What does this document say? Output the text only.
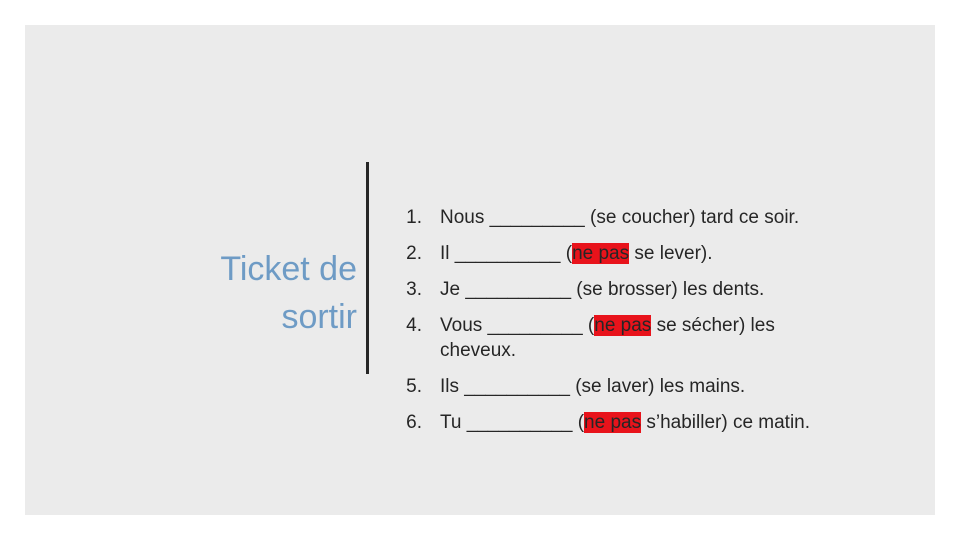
Ticket de
sortir
1. Nous _________ (se coucher) tard ce soir.
2. Il __________ (ne pas se lever).
3. Je __________ (se brosser) les dents.
4. Vous _________ (ne pas se sécher) les cheveux.
5. Ils __________ (se laver) les mains.
6. Tu __________ (ne pas s’habiller) ce matin.
